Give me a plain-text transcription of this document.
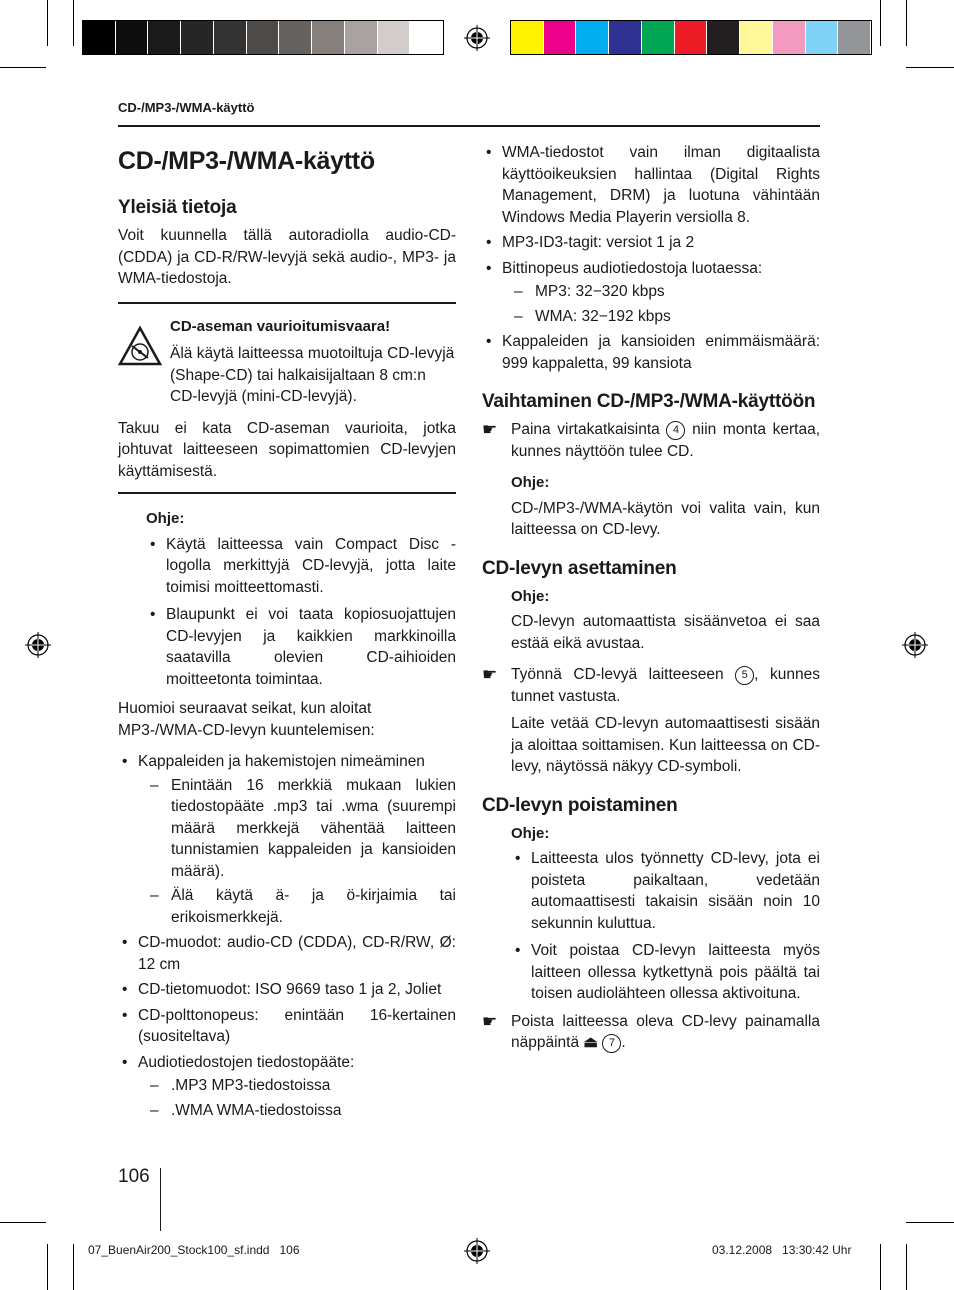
CD-/MP3-/WMA-käyttö
CD-/MP3-/WMA-käyttö
Yleisiä tietoja

Voit kuunnella tällä autoradiolla audio-CD- (CDDA) ja CD-R/RW-levyjä sekä audio-, MP3- ja WMA-tiedostoja.

CD-aseman vaurioitumisvaara!
Älä käytä laitteessa muotoiltuja CD-levyjä (Shape-CD) tai halkaisijaltaan 8 cm:n CD-levyjä (mini-CD-levyjä).

Takuu ei kata CD-aseman vaurioita, jotka johtuvat laitteeseen sopimattomien CD-levyjen käyttämisestä.

Ohje:
• Käytä laitteessa vain Compact Disc -logolla merkittyjä CD-levyjä, jotta laite toimisi moitteettomasti.
• Blaupunkt ei voi taata kopiosuojattujen CD-levyjen ja kaikkien markkinoilla saatavilla olevien CD-aihioiden moitteetonta toimintaa.

Huomioi seuraavat seikat, kun aloitat MP3-/WMA-CD-levyn kuuntelemisen:

• Kappaleiden ja hakemistojen nimeäminen
– Enintään 16 merkkiä mukaan lukien tiedostopääte .mp3 tai .wma (suurempi määrä merkkejä vähentää laitteen tunnistamien kappaleiden ja kansioiden määrä).
– Älä käytä ä- ja ö-kirjaimia tai erikoismerkkejä.
• CD-muodot: audio-CD (CDDA), CD-R/RW, Ø: 12 cm
• CD-tietomuodot: ISO 9669 taso 1 ja 2, Joliet
• CD-polttonopeus: enintään 16-kertainen (suositeltava)
• Audiotiedostojen tiedostopääte:
– .MP3 MP3-tiedostoissa
– .WMA WMA-tiedostoissa
• WMA-tiedostot vain ilman digitaalista käyttöoikeuksien hallintaa (Digital Rights Management, DRM) ja luotuna vähintään Windows Media Playerin versiolla 8.
• MP3-ID3-tagit: versiot 1 ja 2
• Bittinopeus audiotiedostoja luotaessa:
– MP3: 32−320 kbps
– WMA: 32−192 kbps
• Kappaleiden ja kansioiden enimmäismäärä: 999 kappaletta, 99 kansiota
Vaihtaminen CD-/MP3-/WMA-käyttöön
☛ Paina virtakatkaisinta 4 niin monta kertaa, kunnes näyttöön tulee CD.
Ohje:

CD-/MP3-/WMA-käytön voi valita vain, kun laitteessa on CD-levy.

CD-levyn asettaminen
Ohje:

CD-levyn automaattista sisäänvetoa ei saa estää eikä avustaa.

☛ Työnnä CD-levyä laitteeseen 5 , kunnes tunnet vastusta.

Laite vetää CD-levyn automaattisesti sisään ja aloittaa soittamisen. Kun laitteessa on CD-levy, näytössä näkyy CD-symboli.

CD-levyn poistaminen
Ohje:
• Laitteesta ulos työnnetty CD-levy, jota ei poisteta paikaltaan, vedetään automaattisesti takaisin sisään noin 10 sekunnin kuluttua.
• Voit poistaa CD-levyn laitteesta myös laitteen ollessa kytkettynä pois päältä tai toisen audiolähteen ollessa aktivoituna.
☛ Poista laitteessa oleva CD-levy painamalla näppäintä ⏏ 7 .
106
07_BuenAir200_Stock100_sf.indd   106	03.12.2008   13:30:42 Uhr
